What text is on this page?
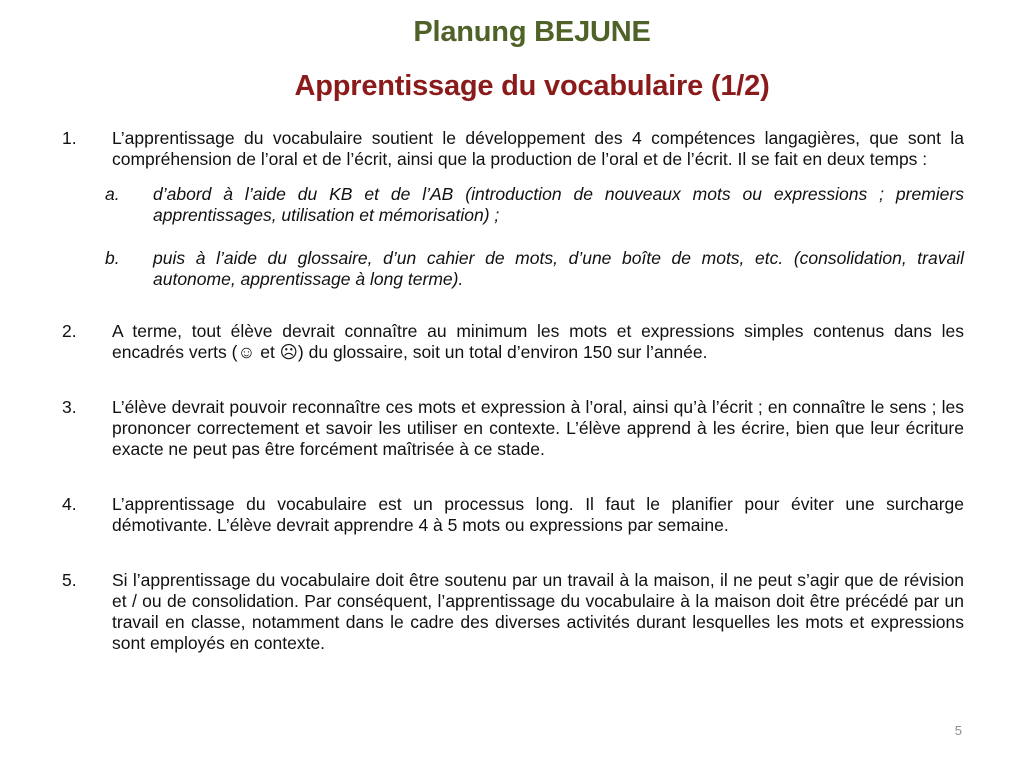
Planung BEJUNE
Apprentissage du vocabulaire (1/2)
1. L’apprentissage du vocabulaire soutient le développement des 4 compétences langagières, que sont la compréhension de l’oral et de l’écrit, ainsi que la production de l’oral et de l’écrit. Il se fait en deux temps :
a. d’abord à l’aide du KB et de l’AB (introduction de nouveaux mots ou expressions ; premiers apprentissages, utilisation et mémorisation) ;
b. puis à l’aide du glossaire, d’un cahier de mots, d’une boîte de mots, etc. (consolidation, travail autonome, apprentissage à long terme).
2. A terme, tout élève devrait connaître au minimum les mots et expressions simples contenus dans les encadrés verts (☺ et ☹) du glossaire, soit un total d’environ 150 sur l’année.
3. L’élève devrait pouvoir reconnaître ces mots et expression à l’oral, ainsi qu’à l’écrit ; en connaître le sens ; les prononcer correctement et savoir les utiliser en contexte. L’élève apprend à les écrire, bien que leur écriture exacte ne peut pas être forcément maîtrisée à ce stade.
4. L’apprentissage du vocabulaire est un processus long. Il faut le planifier pour éviter une surcharge démotivante. L’élève devrait apprendre 4 à 5 mots ou expressions par semaine.
5. Si l’apprentissage du vocabulaire doit être soutenu par un travail à la maison, il ne peut s’agir que de révision et / ou de consolidation. Par conséquent, l’apprentissage du vocabulaire à la maison doit être précédé par un travail en classe, notamment dans le cadre des diverses activités durant lesquelles les mots et expressions sont employés en contexte.
5
